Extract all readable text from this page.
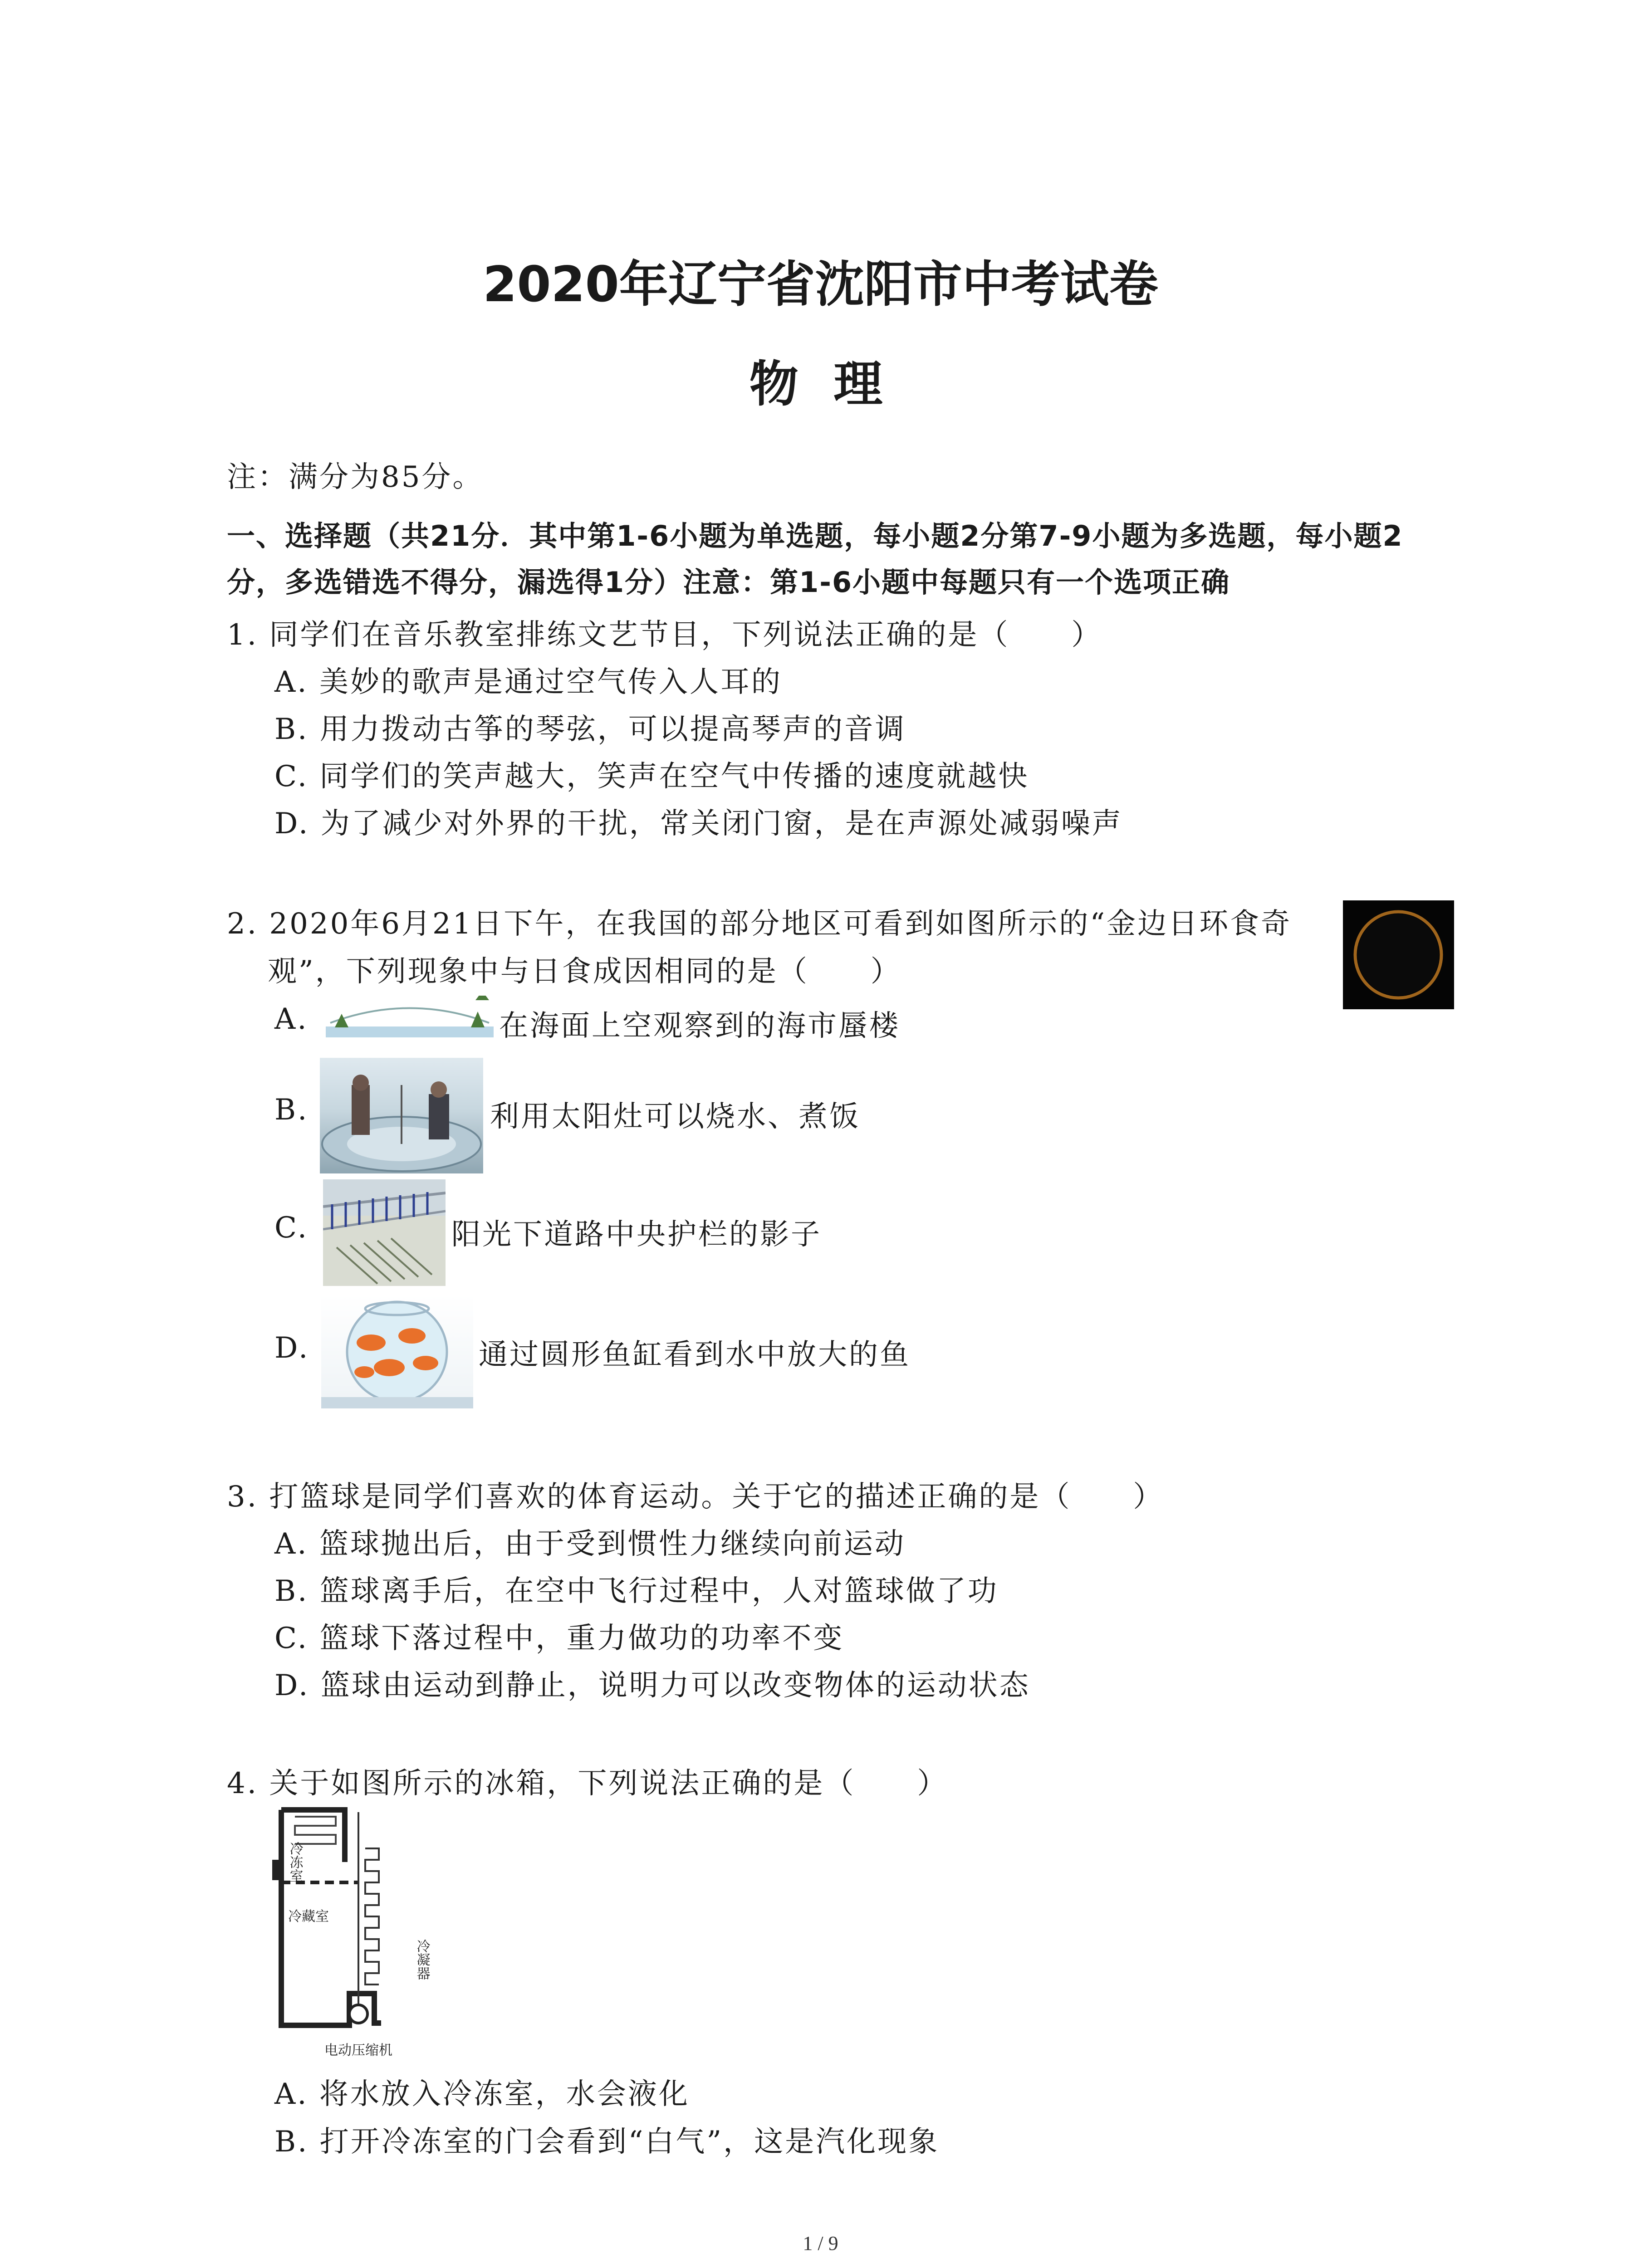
2020年辽宁省沈阳市中考试卷
物 理
注：满分为85分。
一、选择题（共21分．其中第1-6小题为单选题，每小题2分第7-9小题为多选题，每小题2
分，多选错选不得分，漏选得1分）注意：第1-6小题中每题只有一个选项正确
1. 同学们在音乐教室排练文艺节目，下列说法正确的是（　　）
A. 美妙的歌声是通过空气传入人耳的
B. 用力拨动古筝的琴弦，可以提高琴声的音调
C. 同学们的笑声越大，笑声在空气中传播的速度就越快
D. 为了减少对外界的干扰，常关闭门窗，是在声源处减弱噪声
2. 2020年6月21日下午，在我国的部分地区可看到如图所示的“金边日环食奇
观”，下列现象中与日食成因相同的是（　　）
A.	在海面上空观察到的海市蜃楼
B.	利用太阳灶可以烧水、煮饭
C.	阳光下道路中央护栏的影子
D.	通过圆形鱼缸看到水中放大的鱼
3. 打篮球是同学们喜欢的体育运动。关于它的描述正确的是（　　）
A. 篮球抛出后，由于受到惯性力继续向前运动
B. 篮球离手后，在空中飞行过程中，人对篮球做了功
C. 篮球下落过程中，重力做功的功率不变
D. 篮球由运动到静止，说明力可以改变物体的运动状态
4. 关于如图所示的冰箱，下列说法正确的是（　　）
冷冻室
冷藏室
冷凝器
电动压缩机
A. 将水放入冷冻室，水会液化
B. 打开冷冻室的门会看到“白气”，这是汽化现象
1 / 9
